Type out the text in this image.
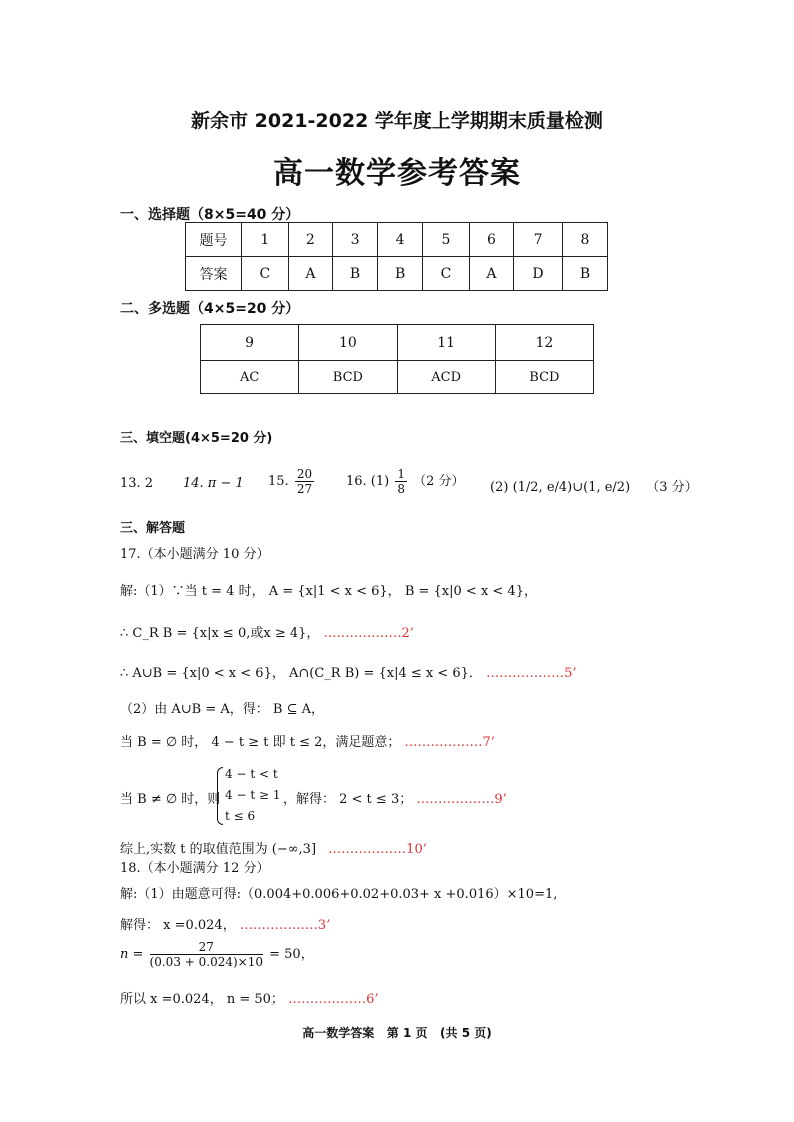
新余市 2021-2022 学年度上学期期末质量检测
高一数学参考答案
一、选择题（8×5=40 分）
题号	1	2	3	4	5	6	7	8
答案	C	A	B	B	C	A	D	B
二、多选题（4×5=20 分）
9	10	11	12
AC	BCD	ACD	BCD
三、填空题(4×5=20 分)
13. 2 14. π − 1 15. $\frac{20}{27} 16$. $(1) \frac{1}{8} (2$ 分） (2) (1/2, e/4)∪(1, e/2) （3 分）
三、解答题
17.（本小题满分 10 分）
解:（1）∵当 t = 4 时， A = {x|1 < x < 6}， B = {x|0 < x < 4}，
∴ C_R B = {x|x ≤ 0,或x ≥ 4}， ………………2’
∴ A∪B = {x|0 < x < 6}， A∩(C_R B) = {x|4 ≤ x < 6}． ………………5’
（2）由 A∪B = A，得： B ⊆ A，
当 B = ∅ 时， 4 − t ≥ t 即 t ≤ 2，满足题意； ………………7’
当 B ≠ ∅ 时，则
4 − t < t
4 − t ≥ 1
t ≤ 6
，解得： 2 < t ≤ 3； ………………9’
综上,实数 t 的取值范围为 (−∞,3] ………………10’
18.（本小题满分 12 分）
解:（1）由题意可得:（0.004+0.006+0.02+0.03+ x +0.016）×10=1,
解得： x =0.024， ………………3’
$n = \frac{27}{(0.03 + 0.024)\times 10} = 50$，
所以 x =0.024， n = 50； ………………6’
高一数学答案   第 1 页   (共 5 页)
